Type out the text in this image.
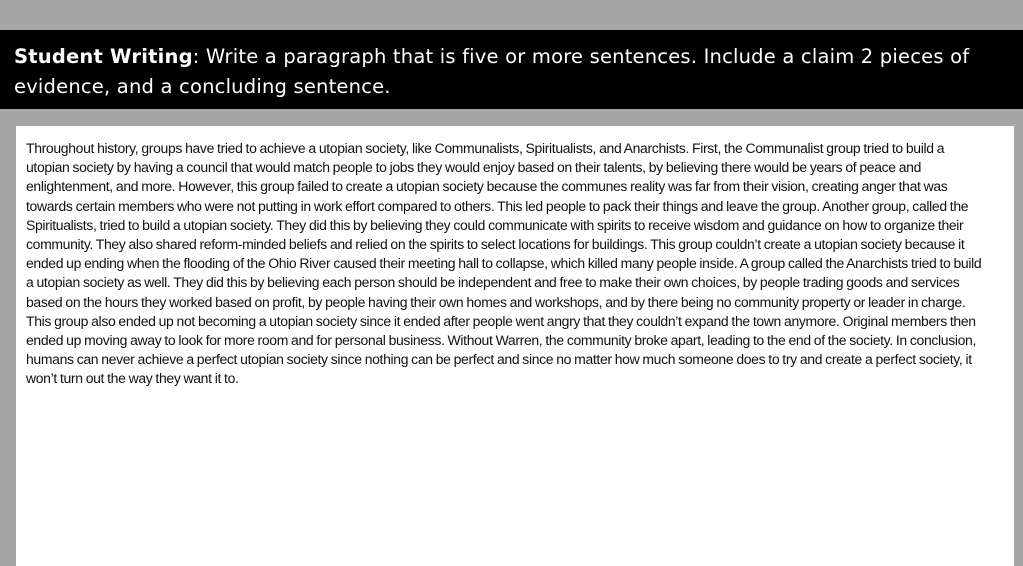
Student Writing: Write a paragraph that is five or more sentences. Include a claim 2 pieces of evidence, and a concluding sentence.

Throughout history, groups have tried to achieve a utopian society, like Communalists, Spiritualists, and Anarchists. First, the Communalist group tried to build a utopian society by having a council that would match people to jobs they would enjoy based on their talents, by believing there would be years of peace and enlightenment, and more. However, this group failed to create a utopian society because the communes reality was far from their vision, creating anger that was towards certain members who were not putting in work effort compared to others. This led people to pack their things and leave the group. Another group, called the Spiritualists, tried to build a utopian society. They did this by believing they could communicate with spirits to receive wisdom and guidance on how to organize their community. They also shared reform-minded beliefs and relied on the spirits to select locations for buildings. This group couldn’t create a utopian society because it ended up ending when the flooding of the Ohio River caused their meeting hall to collapse, which killed many people inside. A group called the Anarchists tried to build a utopian society as well. They did this by believing each person should be independent and free to make their own choices, by people trading goods and services based on the hours they worked based on profit, by people having their own homes and workshops, and by there being no community property or leader in charge. This group also ended up not becoming a utopian society since it ended after people went angry that they couldn’t expand the town anymore. Original members then ended up moving away to look for more room and for personal business. Without Warren, the community broke apart, leading to the end of the society. In conclusion, humans can never achieve a perfect utopian society since nothing can be perfect and since no matter how much someone does to try and create a perfect society, it won’t turn out the way they want it to.
